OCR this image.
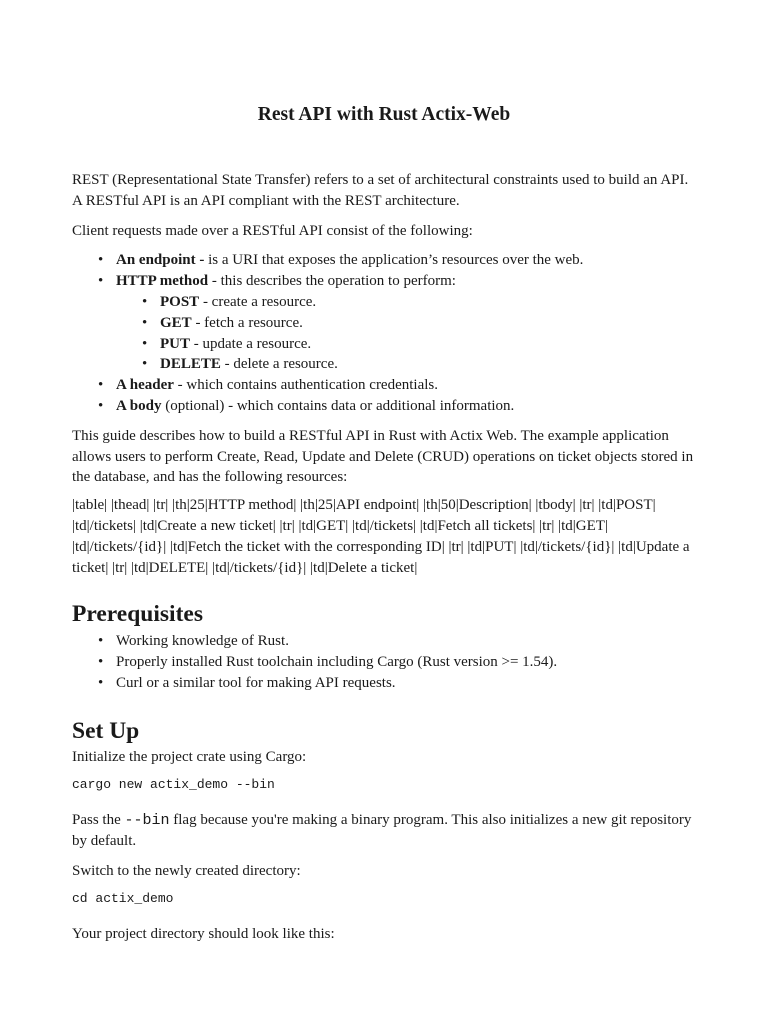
Rest API with Rust Actix-Web

REST (Representational State Transfer) refers to a set of architectural constraints used to build an API. A RESTful API is an API compliant with the REST architecture.

Client requests made over a RESTful API consist of the following:

• An endpoint - is a URI that exposes the application’s resources over the web.
• HTTP method - this describes the operation to perform:
• POST - create a resource.
• GET - fetch a resource.
• PUT - update a resource.
• DELETE - delete a resource.
• A header - which contains authentication credentials.
• A body (optional) - which contains data or additional information.

This guide describes how to build a RESTful API in Rust with Actix Web. The example application allows users to perform Create, Read, Update and Delete (CRUD) operations on ticket objects stored in the database, and has the following resources:

|table| |thead| |tr| |th|25|HTTP method| |th|25|API endpoint| |th|50|Description| |tbody| |tr| |td|POST| |td|/tickets| |td|Create a new ticket| |tr| |td|GET| |td|/tickets| |td|Fetch all tickets| |tr| |td|GET| |td|/tickets/{id}| |td|Fetch the ticket with the corresponding ID| |tr| |td|PUT| |td|/tickets/{id}| |td|Update a ticket| |tr| |td|DELETE| |td|/tickets/{id}| |td|Delete a ticket|

Prerequisites
• Working knowledge of Rust.
• Properly installed Rust toolchain including Cargo (Rust version >= 1.54).
• Curl or a similar tool for making API requests.
Set Up

Initialize the project crate using Cargo:

cargo new actix_demo --bin

Pass the --bin flag because you're making a binary program. This also initializes a new git repository by default.

Switch to the newly created directory:

cd actix_demo

Your project directory should look like this:
